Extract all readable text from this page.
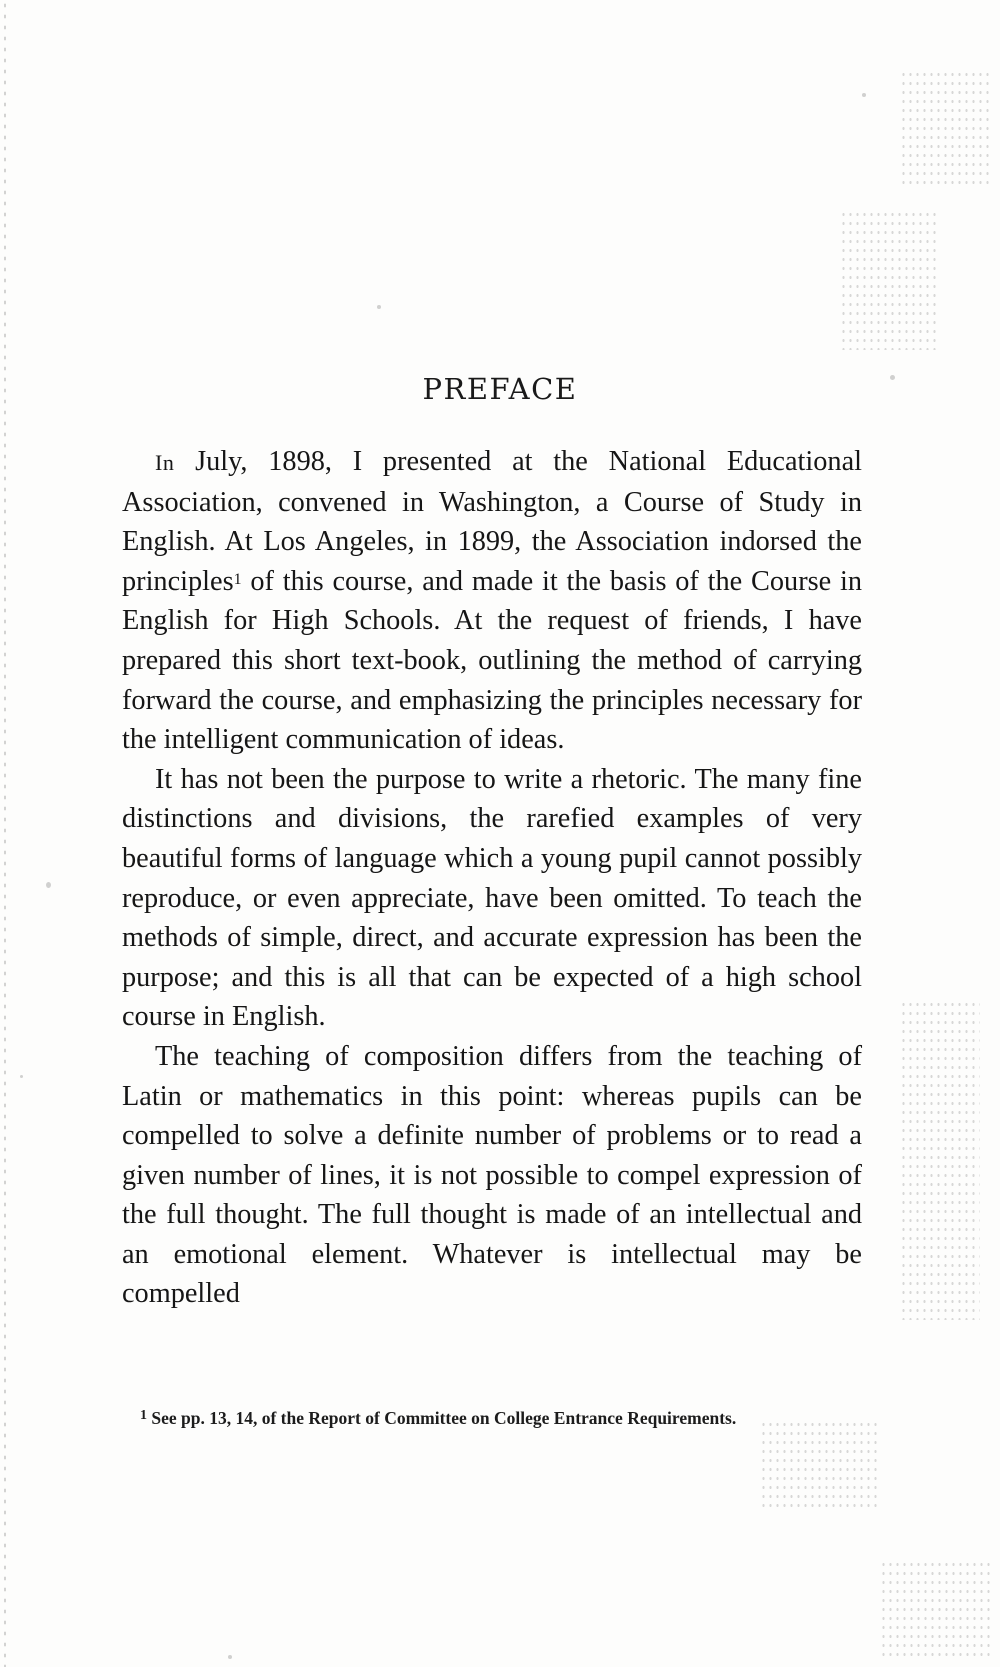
PREFACE

In July, 1898, I presented at the National Educational Association, convened in Washington, a Course of Study in English. At Los Angeles, in 1899, the Association indorsed the principles$^1$ of this course, and made it the basis of the Course in English for High Schools. At the request of friends, I have prepared this short text-book, outlining the method of carrying forward the course, and emphasizing the principles necessary for the intelligent communication of ideas.

It has not been the purpose to write a rhetoric. The many fine distinctions and divisions, the rarefied examples of very beautiful forms of language which a young pupil cannot possibly reproduce, or even appreciate, have been omitted. To teach the methods of simple, direct, and accurate expression has been the purpose; and this is all that can be expected of a high school course in English.

The teaching of composition differs from the teaching of Latin or mathematics in this point: whereas pupils can be compelled to solve a definite number of problems or to read a given number of lines, it is not possible to compel expression of the full thought. The full thought is made of an intellectual and an emotional element. Whatever is intellectual may be compelled

$^1$ See pp. 13, 14, of the Report of Committee on College Entrance Requirements.
